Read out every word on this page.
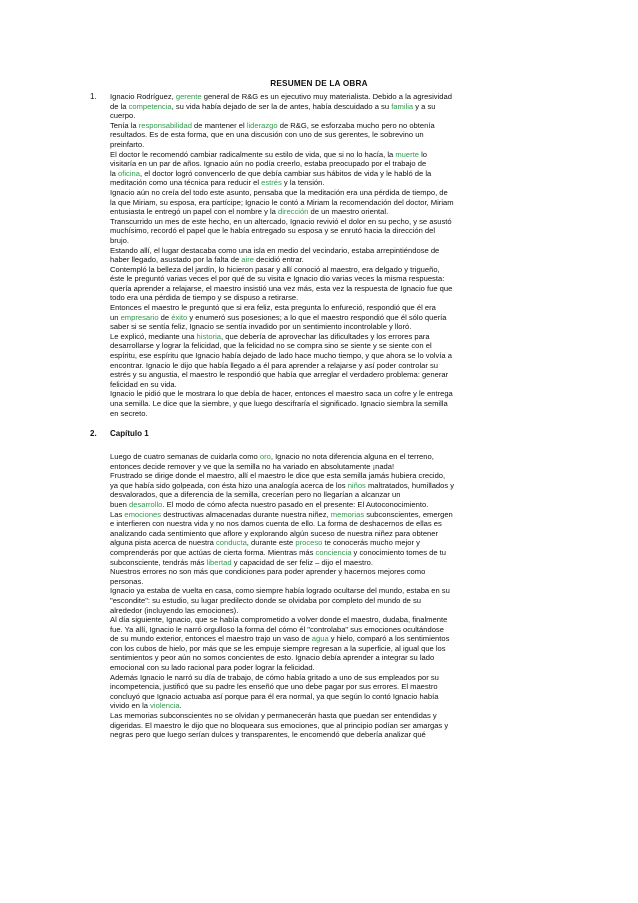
RESUMEN DE LA OBRA
1. Ignacio Rodríguez, gerente general de R&G es un ejecutivo muy materialista. Debido a la agresividad
de la competencia, su vida había dejado de ser la de antes, había descuidado a su familia y a su
cuerpo.
Tenía la responsabilidad de mantener el liderazgo de R&G, se esforzaba mucho pero no obtenía
resultados. Es de esta forma, que en una discusión con uno de sus gerentes, le sobrevino un
preinfarto.
El doctor le recomendó cambiar radicalmente su estilo de vida, que si no lo hacía, la muerte lo
visitaría en un par de años. Ignacio aún no podía creerlo, estaba preocupado por el trabajo de
la oficina, el doctor logró convencerlo de que debía cambiar sus hábitos de vida y le habló de la
meditación como una técnica para reducir el estrés y la tensión.
Ignacio aún no creía del todo este asunto, pensaba que la meditación era una pérdida de tiempo, de
la que Miriam, su esposa, era partícipe; Ignacio le contó a Miriam la recomendación del doctor, Miriam
entusiasta le entregó un papel con el nombre y la dirección de un maestro oriental.
Transcurrido un mes de este hecho, en un altercado, Ignacio revivió el dolor en su pecho, y se asustó
muchísimo, recordó el papel que le había entregado su esposa y se enrutó hacia la dirección del
brujo.
Estando allí, el lugar destacaba como una isla en medio del vecindario, estaba arrepintiéndose de
haber llegado, asustado por la falta de aire decidió entrar.
Contempló la belleza del jardín, lo hicieron pasar y allí conoció al maestro, era delgado y trigueño,
éste le preguntó varias veces el por qué de su visita e Ignacio dio varias veces la misma respuesta:
quería aprender a relajarse, el maestro insistió una vez más, esta vez la respuesta de Ignacio fue que
todo era una pérdida de tiempo y se dispuso a retirarse.
Entonces el maestro le preguntó que si era feliz, esta pregunta lo enfureció, respondió que él era
un empresario de éxito y enumeró sus posesiones; a lo que el maestro respondió que él sólo quería
saber si se sentía feliz, Ignacio se sentía invadido por un sentimiento incontrolable y lloró.
Le explicó, mediante una historia, que debería de aprovechar las dificultades y los errores para
desarrollarse y lograr la felicidad, que la felicidad no se compra sino se siente y se siente con el
espíritu, ese espíritu que Ignacio había dejado de lado hace mucho tiempo, y que ahora se lo volvía a
encontrar. Ignacio le dijo que había llegado a él para aprender a relajarse y así poder controlar su
estrés y su angustia, el maestro le respondió que había que arreglar el verdadero problema: generar
felicidad en su vida.
Ignacio le pidió que le mostrara lo que debía de hacer, entonces el maestro saca un cofre y le entrega
una semilla. Le dice que la siembre, y que luego descifraría el significado. Ignacio siembra la semilla
en secreto.
2. Capítulo 1
Luego de cuatro semanas de cuidarla como oro, Ignacio no nota diferencia alguna en el terreno,
entonces decide remover y ve que la semilla no ha variado en absolutamente ¡nada!
Frustrado se dirige donde el maestro, allí el maestro le dice que esta semilla jamás hubiera crecido,
ya que había sido golpeada, con ésta hizo una analogía acerca de los niños maltratados, humillados y
desvalorados, que a diferencia de la semilla, crecerían pero no llegarían a alcanzar un
buen desarrollo. El modo de cómo afecta nuestro pasado en el presente: El Autoconocimiento.
Las emociones destructivas almacenadas durante nuestra niñez, memorias subconscientes, emergen
e interfieren con nuestra vida y no nos damos cuenta de ello. La forma de deshacernos de ellas es
analizando cada sentimiento que aflore y explorando algún suceso de nuestra niñez para obtener
alguna pista acerca de nuestra conducta, durante este proceso te conocerás mucho mejor y
comprenderás por que actúas de cierta forma. Mientras más conciencia y conocimiento tomes de tu
subconsciente, tendrás más libertad y capacidad de ser feliz – dijo el maestro.
Nuestros errores no son más que condiciones para poder aprender y hacernos mejores como
personas.
Ignacio ya estaba de vuelta en casa, como siempre había logrado ocultarse del mundo, estaba en su
"escondite": su estudio, su lugar predilecto donde se olvidaba por completo del mundo de su
alrededor (incluyendo las emociones).
Al día siguiente, Ignacio, que se había comprometido a volver donde el maestro, dudaba, finalmente
fue. Ya allí, Ignacio le narró orgulloso la forma del cómo él "controlaba" sus emociones ocultándose
de su mundo exterior, entonces el maestro trajo un vaso de agua y hielo, comparó a los sentimientos
con los cubos de hielo, por más que se les empuje siempre regresan a la superficie, al igual que los
sentimientos y peor aún no somos concientes de esto. Ignacio debía aprender a integrar su lado
emocional con su lado racional para poder lograr la felicidad.
Además Ignacio le narró su día de trabajo, de cómo había gritado a uno de sus empleados por su
incompetencia, justificó que su padre les enseñó que uno debe pagar por sus errores. El maestro
concluyó que Ignacio actuaba así porque para él era normal, ya que según lo contó Ignacio había
vivido en la violencia.
Las memorias subconscientes no se olvidan y permanecerán hasta que puedan ser entendidas y
digeridas. El maestro le dijo que no bloqueara sus emociones, que al principio podían ser amargas y
negras pero que luego serían dulces y transparentes, le encomendó que debería analizar qué
